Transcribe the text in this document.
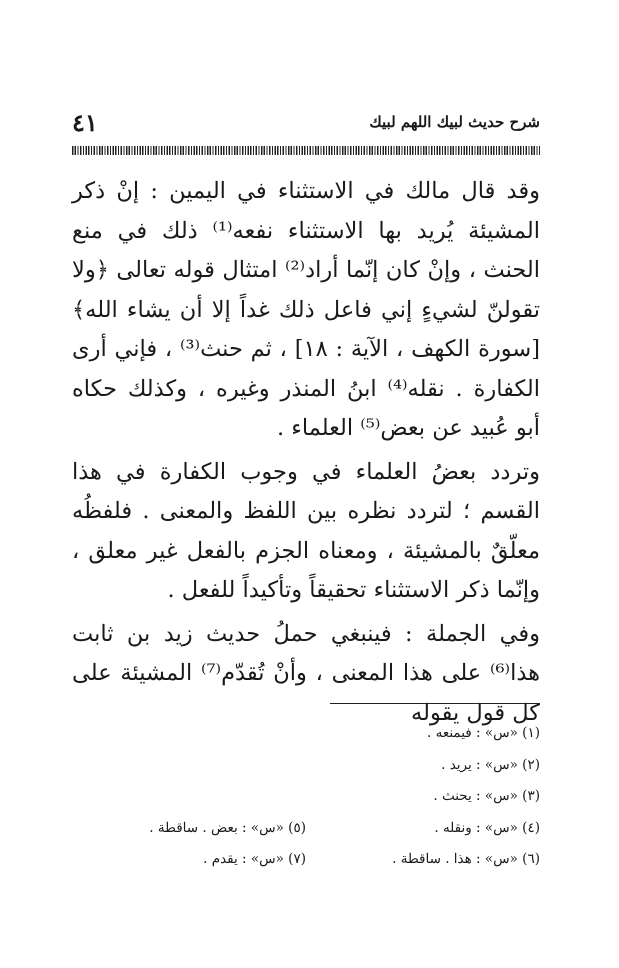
شرح حديث لبيك اللهم لبيك
٤١

وقد قال مالك في الاستثناء في اليمين : إنْ ذكر المشيئة يُريد بها الاستثناء نفعه⁽¹⁾ ذلك في منع الحنث ، وإنْ كان إنّما أراد⁽²⁾ امتثال قوله تعالى ﴿ولا تقولنّ لشيءٍ إني فاعل ذلك غداً إلا أن يشاء الله﴾ [سورة الكهف ، الآية : ١٨] ، ثم حنث⁽³⁾ ، فإني أرى الكفارة . نقله⁽⁴⁾ ابنُ المنذر وغيره ، وكذلك حكاه أبو عُبيد عن بعض⁽⁵⁾ العلماء .

وتردد بعضُ العلماء في وجوب الكفارة في هذا القسم ؛ لتردد نظره بين اللفظ والمعنى . فلفظُه معلّقٌ بالمشيئة ، ومعناه الجزم بالفعل غير معلق ، وإنّما ذكر الاستثناء تحقيقاً وتأكيداً للفعل .

وفي الجملة : فينبغي حملُ حديث زيد بن ثابت هذا⁽⁶⁾ على هذا المعنى ، وأنْ تُقدّم⁽⁷⁾ المشيئة على كل قول يقوله

(١) «س» : فيمنعه .
(٢) «س» : يريد .
(٣) «س» : يحنث .
(٤) «س» : ونقله .
(٥) «س» : بعض . ساقطة .
(٦) «س» : هذا . ساقطة .
(٧) «س» : يقدم .
